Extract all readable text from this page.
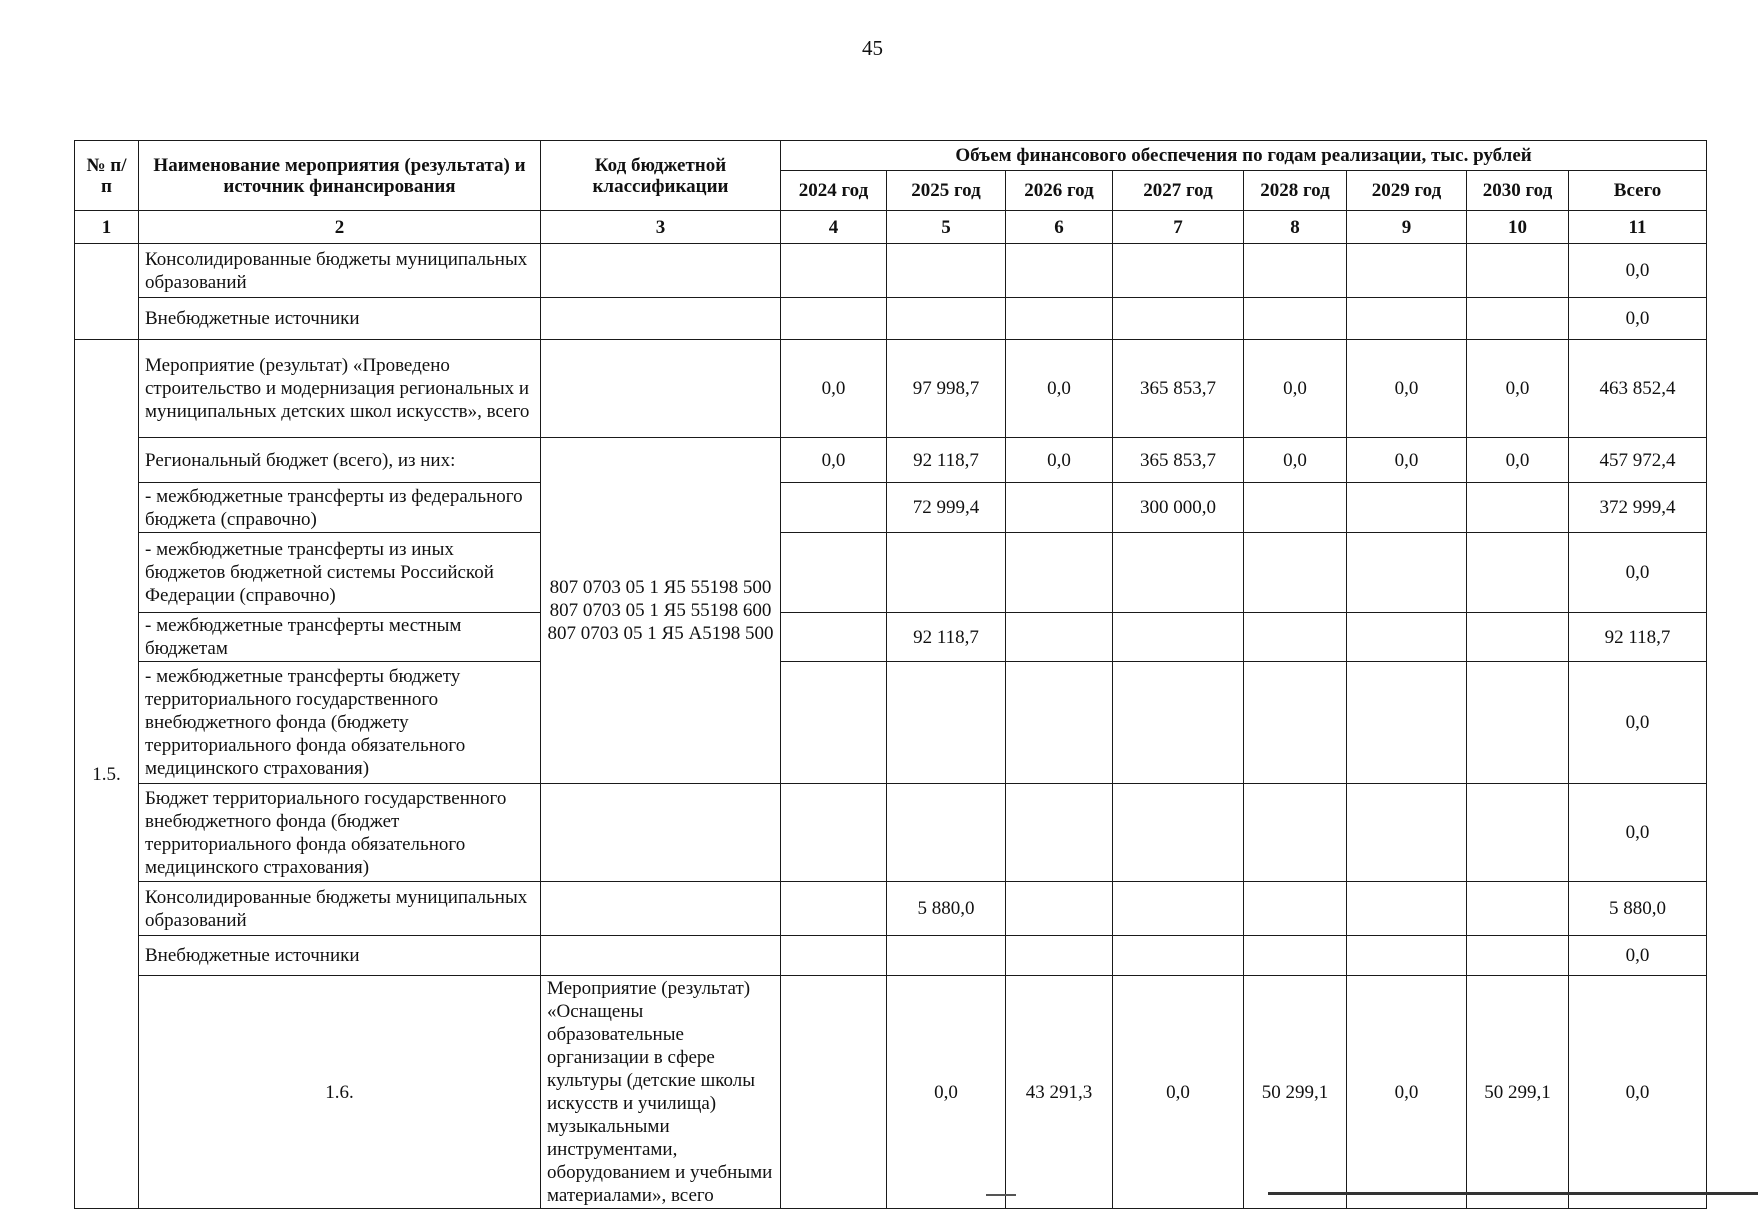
45
№ п/п	Наименование мероприятия (результата) и источник финансирования	Код бюджетной классификации	Объем финансового обеспечения по годам реализации, тыс. рублей								
			2024 год	2025 год	2026 год	2027 год	2028 год	2029 год	2030 год	Всего	
1	2	3	4	5	6	7	8	9	10	11	
	Консолидированные бюджеты муниципальных образований									0,0	
	Внебюджетные источники									0,0	
1.5.	Мероприятие (результат) «Проведено строительство и модернизация региональных и муниципальных детских школ искусств», всего		0,0	97 998,7	0,0	365 853,7	0,0	0,0	0,0	463 852,4	
	Региональный бюджет (всего), из них:	807 0703 05 1 Я5 55198 500 807 0703 05 1 Я5 55198 600 807 0703 05 1 Я5 А5198 500	0,0	92 118,7	0,0	365 853,7	0,0	0,0	0,0	457 972,4	
	- межбюджетные трансферты из федерального бюджета (справочно)			72 999,4		300 000,0				372 999,4	
	- межбюджетные трансферты из иных бюджетов бюджетной системы Российской Федерации (справочно)									0,0	
	- межбюджетные трансферты местным бюджетам			92 118,7						92 118,7	
	- межбюджетные трансферты бюджету территориального государственного внебюджетного фонда (бюджету территориального фонда обязательного медицинского страхования)									0,0	
	Бюджет территориального государственного внебюджетного фонда (бюджет территориального фонда обязательного медицинского страхования)									0,0	
	Консолидированные бюджеты муниципальных образований			5 880,0						5 880,0	
	Внебюджетные источники									0,0	
	1.6.	Мероприятие (результат) «Оснащены образовательные организации в сфере культуры (детские школы искусств и училища) музыкальными инструментами, оборудованием и учебными материалами», всего		0,0	43 291,3	0,0	50 299,1	0,0	50 299,1	0,0	
